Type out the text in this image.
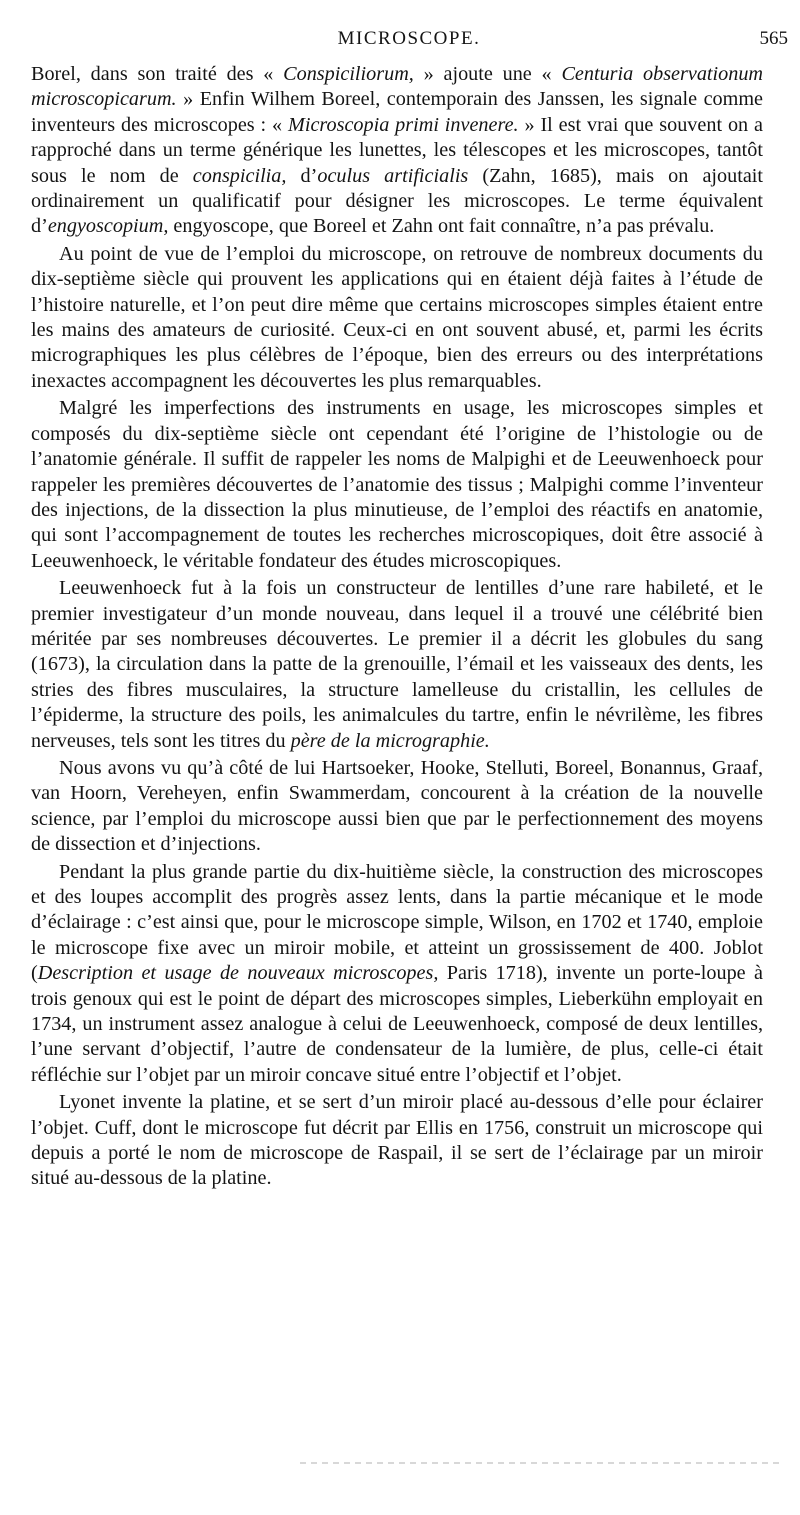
MICROSCOPE.	565

Borel, dans son traité des « Conspiciliorum, » ajoute une « Centuria observationum microscopicarum. » Enfin Wilhem Boreel, contemporain des Janssen, les signale comme inventeurs des microscopes : « Microscopia primi invenere. » Il est vrai que souvent on a rapproché dans un terme générique les lunettes, les télescopes et les microscopes, tantôt sous le nom de conspicilia, d’oculus artificialis (Zahn, 1685), mais on ajoutait ordinairement un qualificatif pour désigner les microscopes. Le terme équivalent d’engyoscopium, engyoscope, que Boreel et Zahn ont fait connaître, n’a pas prévalu.

Au point de vue de l’emploi du microscope, on retrouve de nombreux documents du dix-septième siècle qui prouvent les applications qui en étaient déjà faites à l’étude de l’histoire naturelle, et l’on peut dire même que certains microscopes simples étaient entre les mains des amateurs de curiosité. Ceux-ci en ont souvent abusé, et, parmi les écrits micrographiques les plus célèbres de l’époque, bien des erreurs ou des interprétations inexactes accompagnent les découvertes les plus remarquables.

Malgré les imperfections des instruments en usage, les microscopes simples et composés du dix-septième siècle ont cependant été l’origine de l’histologie ou de l’anatomie générale. Il suffit de rappeler les noms de Malpighi et de Leeuwenhoeck pour rappeler les premières découvertes de l’anatomie des tissus ; Malpighi comme l’inventeur des injections, de la dissection la plus minutieuse, de l’emploi des réactifs en anatomie, qui sont l’accompagnement de toutes les recherches microscopiques, doit être associé à Leeuwenhoeck, le véritable fondateur des études microscopiques.

Leeuwenhoeck fut à la fois un constructeur de lentilles d’une rare habileté, et le premier investigateur d’un monde nouveau, dans lequel il a trouvé une célébrité bien méritée par ses nombreuses découvertes. Le premier il a décrit les globules du sang (1673), la circulation dans la patte de la grenouille, l’émail et les vaisseaux des dents, les stries des fibres musculaires, la structure lamelleuse du cristallin, les cellules de l’épiderme, la structure des poils, les animalcules du tartre, enfin le névrilème, les fibres nerveuses, tels sont les titres du père de la micrographie.

Nous avons vu qu’à côté de lui Hartsoeker, Hooke, Stelluti, Boreel, Bonannus, Graaf, van Hoorn, Vereheyen, enfin Swammerdam, concourent à la création de la nouvelle science, par l’emploi du microscope aussi bien que par le perfectionnement des moyens de dissection et d’injections.

Pendant la plus grande partie du dix-huitième siècle, la construction des microscopes et des loupes accomplit des progrès assez lents, dans la partie mécanique et le mode d’éclairage : c’est ainsi que, pour le microscope simple, Wilson, en 1702 et 1740, emploie le microscope fixe avec un miroir mobile, et atteint un grossissement de 400. Joblot (Description et usage de nouveaux microscopes, Paris 1718), invente un porte-loupe à trois genoux qui est le point de départ des microscopes simples, Lieberkühn employait en 1734, un instrument assez analogue à celui de Leeuwenhoeck, composé de deux lentilles, l’une servant d’objectif, l’autre de condensateur de la lumière, de plus, celle-ci était réfléchie sur l’objet par un miroir concave situé entre l’objectif et l’objet.

Lyonet invente la platine, et se sert d’un miroir placé au-dessous d’elle pour éclairer l’objet. Cuff, dont le microscope fut décrit par Ellis en 1756, construit un microscope qui depuis a porté le nom de microscope de Raspail, il se sert de l’éclairage par un miroir situé au-dessous de la platine.
